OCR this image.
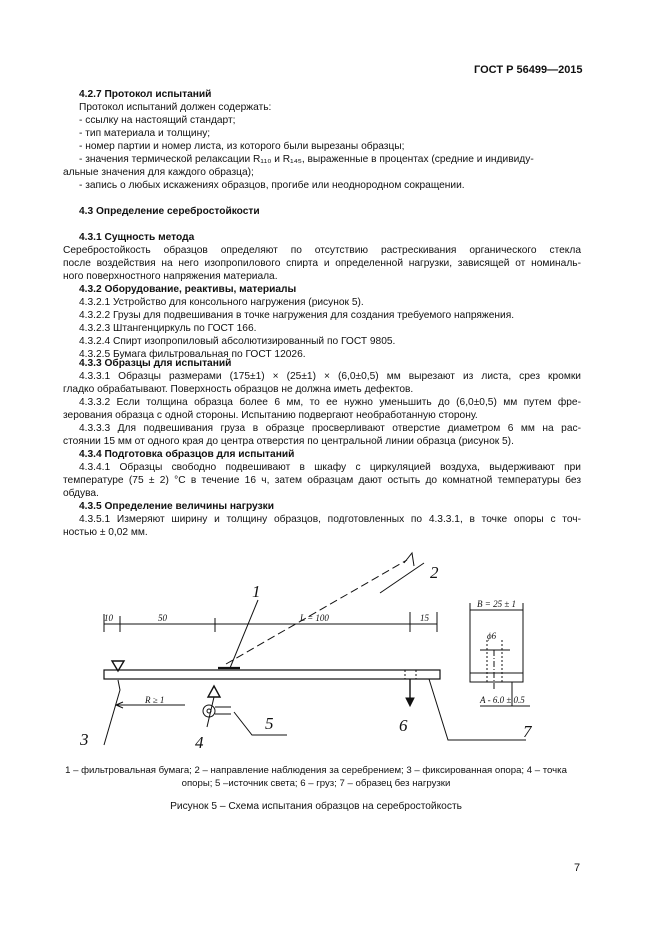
ГОСТ Р 56499—2015
4.2.7 Протокол испытаний
Протокол испытаний должен содержать:
- ссылку на настоящий стандарт;
- тип материала и толщину;
- номер партии и номер листа, из которого были вырезаны образцы;
- значения термической релаксации R₁₁₀ и R₁₄₅, выраженные в процентах (средние и индивиду-
альные значения для каждого образца);
- запись о любых искажениях образцов, прогибе или неоднородном сокращении.
4.3 Определение серебростойкости
4.3.1 Сущность метода
Серебростойкость образцов определяют по отсутствию растрескивания органического стекла
после воздействия на него изопропилового спирта и определенной нагрузки, зависящей от номиналь-
ного поверхностного напряжения материала.
4.3.2 Оборудование, реактивы, материалы
4.3.2.1 Устройство для консольного нагружения (рисунок 5).
4.3.2.2 Грузы для подвешивания в точке нагружения для создания требуемого напряжения.
4.3.2.3 Штангенциркуль по ГОСТ 166.
4.3.2.4 Спирт изопропиловый абсолютизированный по ГОСТ 9805.
4.3.2.5 Бумага фильтровальная по ГОСТ 12026.
4.3.3 Образцы для испытаний
4.3.3.1 Образцы размерами (175±1) × (25±1) × (6,0±0,5) мм вырезают из листа, срез кромки
гладко обрабатывают. Поверхность образцов не должна иметь дефектов.
4.3.3.2 Если толщина образца более 6 мм, то ее нужно уменьшить до (6,0±0,5) мм путем фре-
зерования образца с одной стороны. Испытанию подвергают необработанную сторону.
4.3.3.3 Для подвешивания груза в образце просверливают отверстие диаметром 6 мм на рас-
стоянии 15 мм от одного края до центра отверстия по центральной линии образца (рисунок 5).
4.3.4 Подготовка образцов для испытаний
4.3.4.1 Образцы свободно подвешивают в шкафу с циркуляцией воздуха, выдерживают при
температуре (75 ± 2) °С в течение 16 ч, затем образцам дают остыть до комнатной температуры без
обдува.
4.3.5 Определение величины нагрузки
4.3.5.1 Измеряют ширину и толщину образцов, подготовленных по 4.3.3.1, в точке опоры с точ-
ностью ± 0,02 мм.
1
2
3	4
5	6	7
10	50	L = 100	15
B = 25 ± 1
ϕ6
A - 6.0 ± 0.5
R ≥ 1
1 – фильтровальная бумага; 2 – направление наблюдения за серебрением; 3 – фиксированная опора; 4 – точка
опоры; 5 –источник света; 6 – груз; 7 – образец без нагрузки
Рисунок 5 – Схема испытания образцов на серебростойкость
7
